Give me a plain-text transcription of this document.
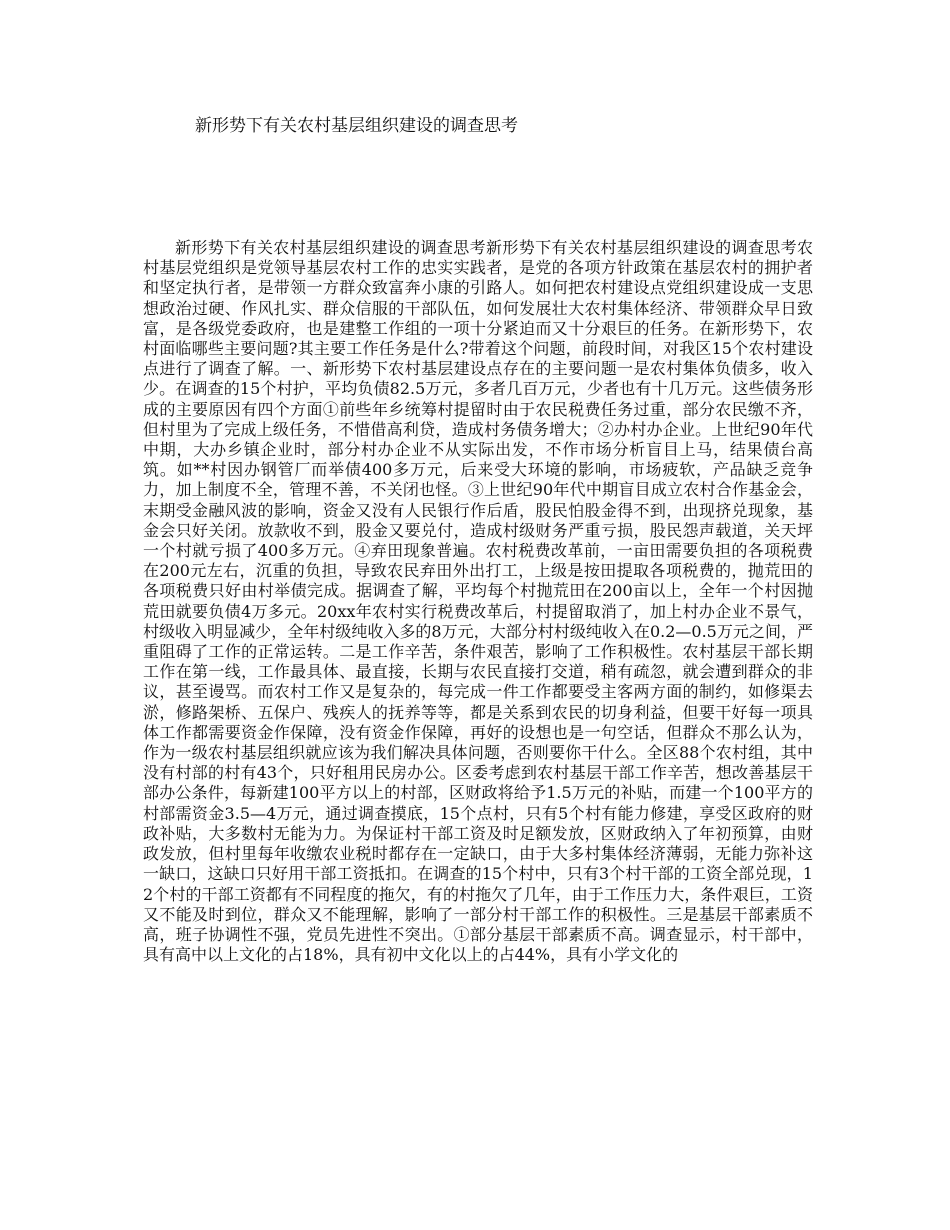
新形势下有关农村基层组织建设的调查思考

新形势下有关农村基层组织建设的调查思考新形势下有关农村基层组织建设的调查思考农村基层党组织是党领导基层农村工作的忠实实践者，是党的各项方针政策在基层农村的拥护者和坚定执行者，是带领一方群众致富奔小康的引路人。如何把农村建设点党组织建设成一支思想政治过硬、作风扎实、群众信服的干部队伍，如何发展壮大农村集体经济、带领群众早日致富，是各级党委政府，也是建整工作组的一项十分紧迫而又十分艰巨的任务。在新形势下，农村面临哪些主要问题?其主要工作任务是什么?带着这个问题，前段时间，对我区15个农村建设点进行了调查了解。一、新形势下农村基层建设点存在的主要问题一是农村集体负债多，收入少。在调查的15个村护，平均负债82.5万元，多者几百万元，少者也有十几万元。这些债务形成的主要原因有四个方面①前些年乡统筹村提留时由于农民税费任务过重，部分农民缴不齐，但村里为了完成上级任务，不惜借高利贷，造成村务债务增大；②办村办企业。上世纪90年代中期，大办乡镇企业时，部分村办企业不从实际出发，不作市场分析盲目上马，结果债台高筑。如**村因办钢管厂而举债400多万元，后来受大环境的影响，市场疲软，产品缺乏竞争力，加上制度不全，管理不善，不关闭也怪。③上世纪90年代中期盲目成立农村合作基金会，末期受金融风波的影响，资金又没有人民银行作后盾，股民怕股金得不到，出现挤兑现象，基金会只好关闭。放款收不到，股金又要兑付，造成村级财务严重亏损，股民怨声载道，关天坪一个村就亏损了400多万元。④弃田现象普遍。农村税费改革前，一亩田需要负担的各项税费在200元左右，沉重的负担，导致农民弃田外出打工，上级是按田提取各项税费的，抛荒田的各项税费只好由村举债完成。据调查了解，平均每个村抛荒田在200亩以上，全年一个村因抛荒田就要负债4万多元。20xx年农村实行税费改革后，村提留取消了，加上村办企业不景气，村级收入明显减少，全年村级纯收入多的8万元，大部分村村级纯收入在0.2—0.5万元之间，严重阻碍了工作的正常运转。二是工作辛苦，条件艰苦，影响了工作积极性。农村基层干部长期工作在第一线，工作最具体、最直接，长期与农民直接打交道，稍有疏忽，就会遭到群众的非议，甚至谩骂。而农村工作又是复杂的，每完成一件工作都要受主客两方面的制约，如修渠去淤，修路架桥、五保户、残疾人的抚养等等，都是关系到农民的切身利益，但要干好每一项具体工作都需要资金作保障，没有资金作保障，再好的设想也是一句空话，但群众不那么认为，作为一级农村基层组织就应该为我们解决具体问题，否则要你干什么。全区88个农村组，其中没有村部的村有43个，只好租用民房办公。区委考虑到农村基层干部工作辛苦，想改善基层干部办公条件，每新建100平方以上的村部，区财政将给予1.5万元的补贴，而建一个100平方的村部需资金3.5—4万元，通过调查摸底，15个点村，只有5个村有能力修建，享受区政府的财政补贴，大多数村无能为力。为保证村干部工资及时足额发放，区财政纳入了年初预算，由财政发放，但村里每年收缴农业税时都存在一定缺口，由于大多村集体经济薄弱，无能力弥补这一缺口，这缺口只好用干部工资抵扣。在调查的15个村中，只有3个村干部的工资全部兑现，12个村的干部工资都有不同程度的拖欠，有的村拖欠了几年，由于工作压力大，条件艰巨，工资又不能及时到位，群众又不能理解，影响了一部分村干部工作的积极性。三是基层干部素质不高，班子协调性不强，党员先进性不突出。①部分基层干部素质不高。调查显示，村干部中，具有高中以上文化的占18%，具有初中文化以上的占44%，具有小学文化的
